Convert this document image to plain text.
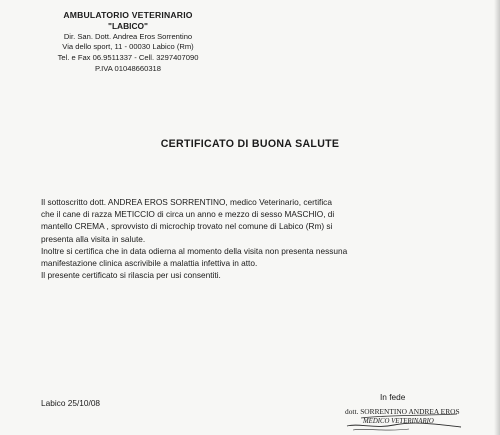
AMBULATORIO VETERINARIO
"LABICO"
Dir. San. Dott. Andrea Eros Sorrentino
Via dello sport, 11 - 00030 Labico (Rm)
Tel. e Fax 06.9511337 - Cell. 3297407090
P.IVA 01048660318
CERTIFICATO DI BUONA SALUTE

Il sottoscritto dott. ANDREA EROS SORRENTINO, medico Veterinario, certifica

che il cane di razza METICCIO di circa un anno e mezzo di sesso MASCHIO, di

mantello CREMA , sprovvisto di microchip trovato nel comune di Labico (Rm) si

presenta alla visita in salute.

Inoltre si certifica che in data odierna al momento della visita non presenta nessuna

manifestazione clinica ascrivibile a malattia infettiva in atto.

Il presente certificato si rilascia per usi consentiti.

Labico 25/10/08
In fede
dott. SORRENTINO ANDREA EROS
MEDICO VETERINARIO
